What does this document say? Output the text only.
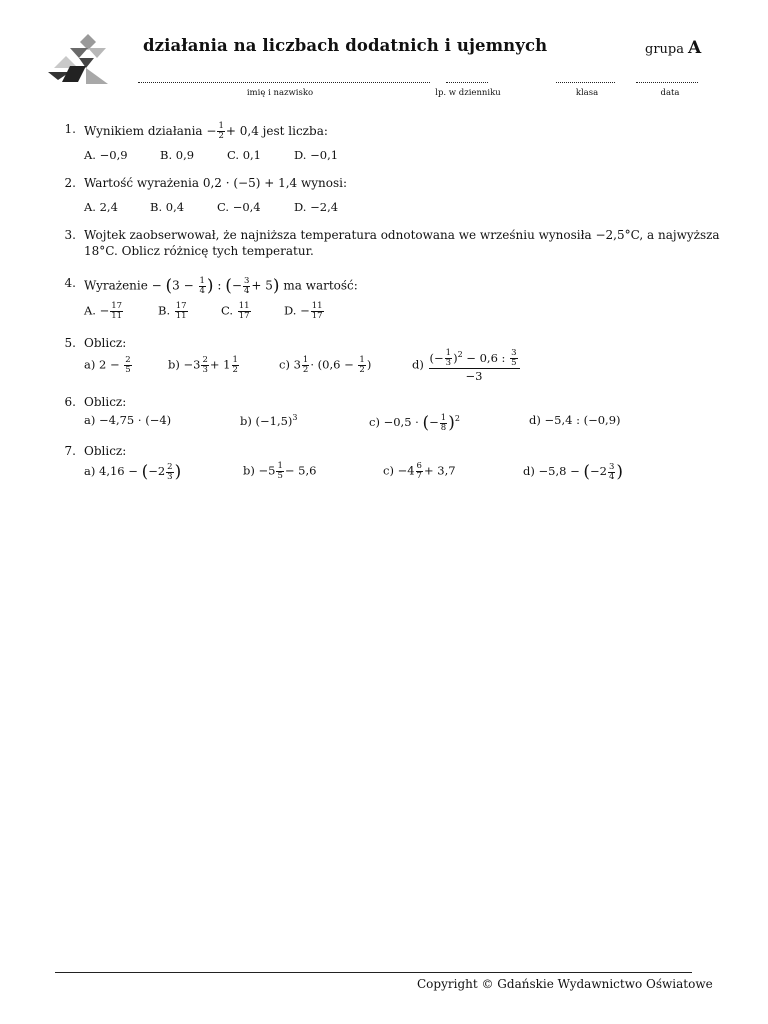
działania na liczbach dodatnich i ujemnych	grupa A
imię i nazwisko	lp. w dzienniku	klasa	data
1. Wynikiem działania − $\frac{1}{2} + 0,4$ jest liczba:
A. −0,9	B. 0,9	C. 0,1	D. −0,1
2. Wartość wyrażenia 0,2 · (−5) + 1,4 wynosi:
A. 2,4	B. 0,4	C. −0,4	D. −2,4
3. Wojtek zaobserwował, że najniższa temperatura odnotowana we wrześniu wynosiła −2,5°C, a najwyższa
18°C. Oblicz różnicę tych temperatur.
4. Wyrażenie − ($3 - \frac{1}{4}$ ) : (− $\frac{3}{4} + 5$) ma wartość:
A. − $\frac{17}{11}$	B. $\frac{17}{11}$	C. $\frac{11}{17}$	D. − $\frac{11}{17}$
5. Oblicz:
a) $2 - \frac{2}{5}$	$b) -3 \frac{2}{3} + 1 \frac{1}{2}$	c) $3 \frac{1}{2} \cdot (0,6 - \frac{1}{2}$ )	$d) \frac{(- \frac{1}{3} )^2 - 0,6 : \frac{3}{5}}{-3}$
6. Oblicz:
a) −4,75 · (−4)	b) $(-1,5)^3$	c) −0,5 · (− $\frac{1}{8} )^2$	d) −5,4 : (−0,9)
7. Oblicz:
a) $4,16 - (-2 \frac{2}{3}$ )	$b) -5 \frac{1}{5} - 5,6$	$c) -4 \frac{6}{7} + 3,7$	$d) -5,8 - (-2 \frac{3}{4}$ )
Copyright © Gdańskie Wydawnictwo Oświatowe
